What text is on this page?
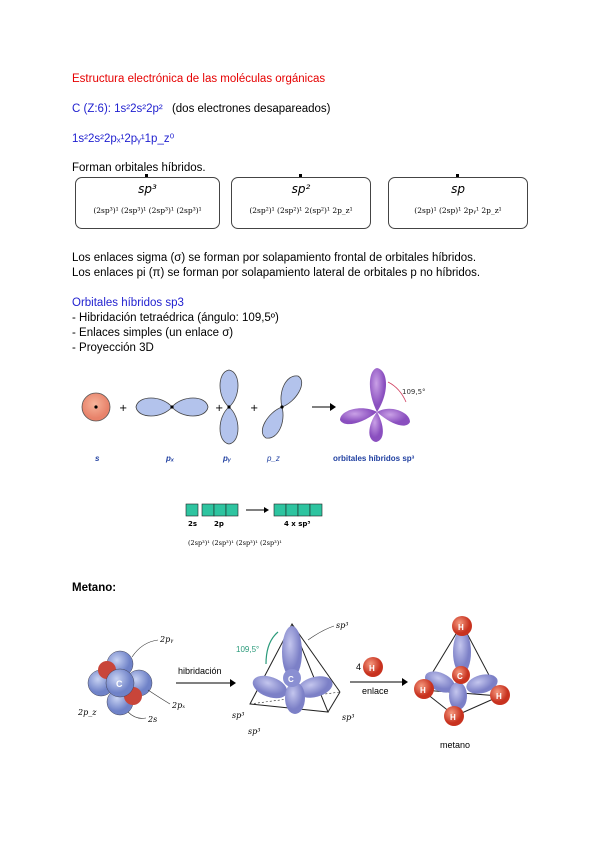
Estructura electrónica de las moléculas orgánicas
C (Z:6): 1s²2s²2p² (dos electrones desapareados)
1s²2s²2pₓ¹2pᵧ¹1p_z⁰
Forman orbitales híbridos.
sp³
(2sp³)¹ (2sp³)¹ (2sp³)¹ (2sp³)¹
sp²
(2sp²)¹ (2sp²)¹ 2(sp²)¹ 2p_z¹
sp
(2sp)¹ (2sp)¹ 2pᵧ¹ 2p_z¹
Los enlaces sigma (σ) se forman por solapamiento frontal de orbitales híbridos.
Los enlaces pi (π) se forman por solapamiento lateral de orbitales p no híbridos.
Orbitales híbridos sp3
- Hibridación tetraédrica (ángulo: 109,5º)
- Enlaces simples (un enlace σ)
- Proyección 3D
+	+	+
109,5°
s	pₓ	pᵧ	p_z	orbitales híbridos sp³
2s 2p	4 x sp³
(2sp³)¹ (2sp³)¹ (2sp³)¹ (2sp³)¹
Metano:
C
2pᵧ
2p_z
2pₓ
2s
hibridación
C
109,5°
sp³
sp³
sp³
sp³
4 H
enlace
C
H
H
H
H
metano
